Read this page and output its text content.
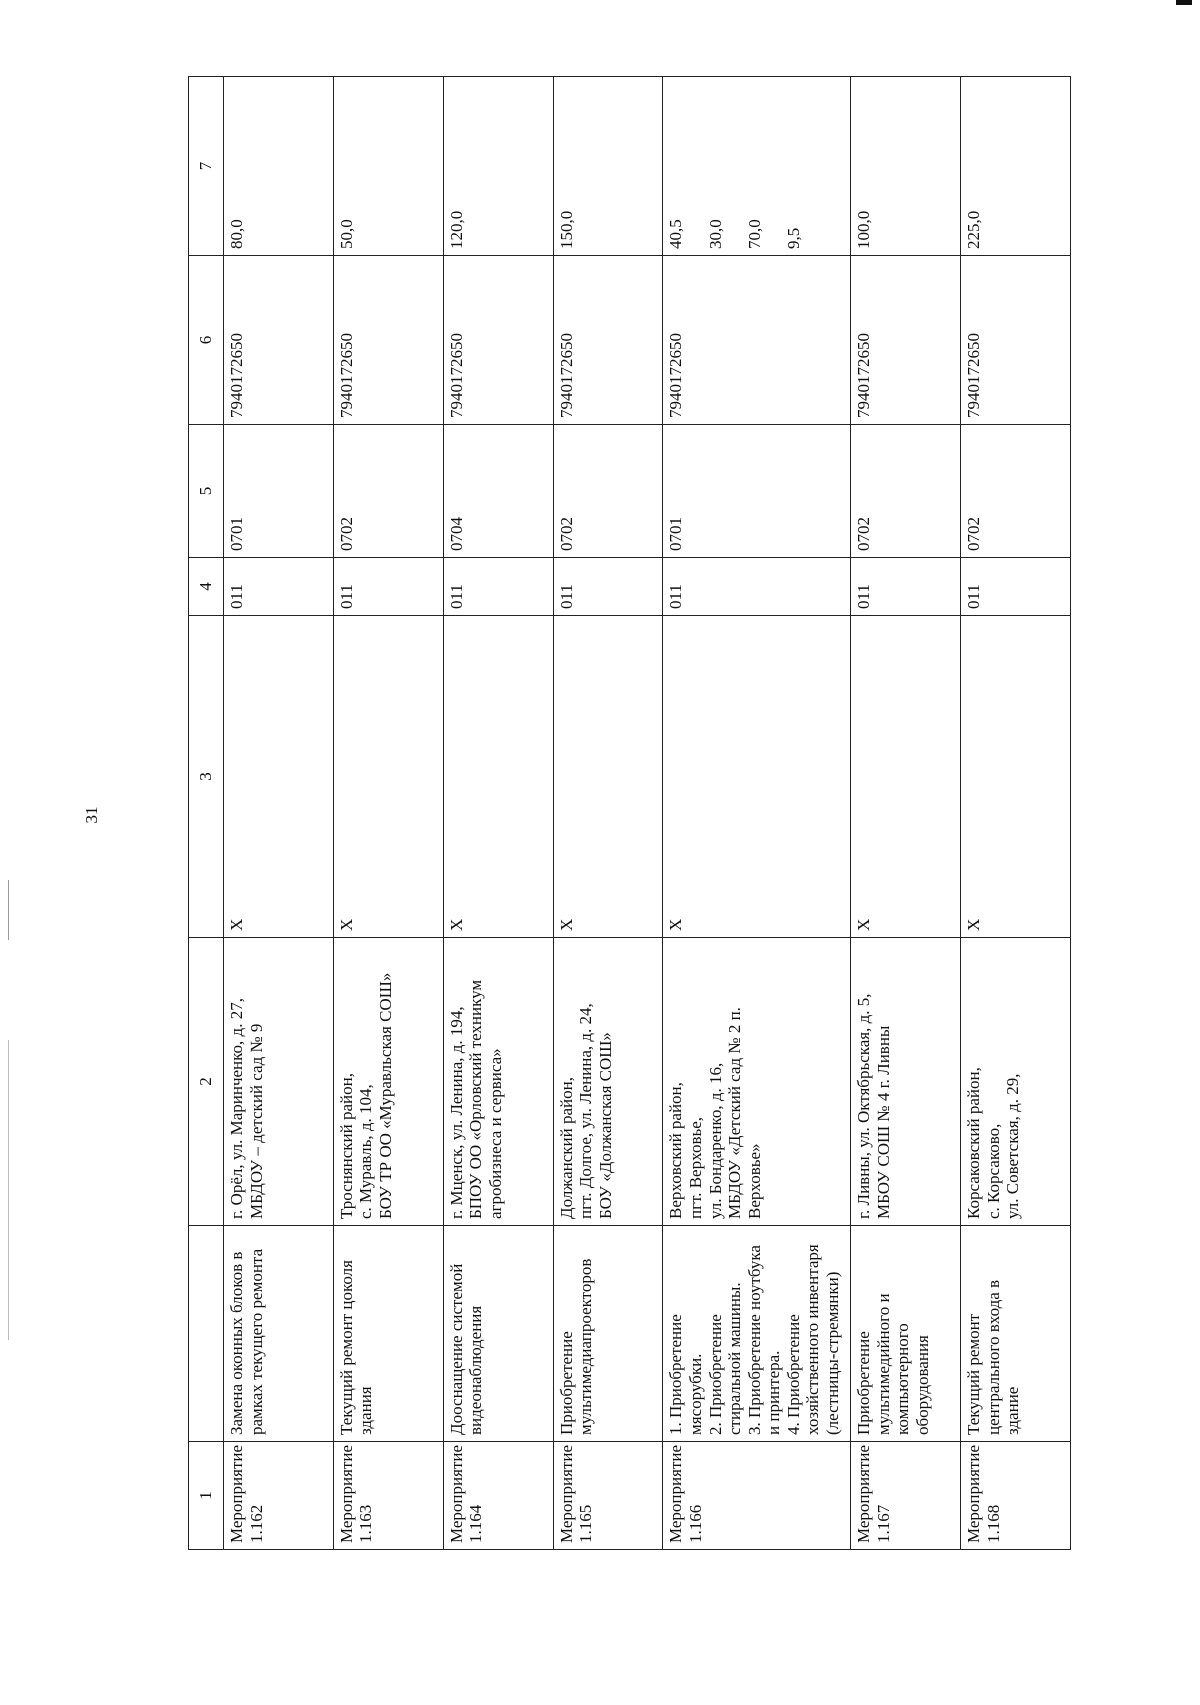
31
1		2	3	4	5	6	7
Мероприятие 1.162	Замена оконных блоков в рамках текущего ремонта	г. Орёл, ул. Маринченко, д. 27,
МБДОУ – детский сад № 9	Х	011	0701	7940172650	80,0
Мероприятие 1.163	Текущий ремонт цоколя здания	Троснянский район,
с. Муравль, д. 104,
БОУ ТР ОО «Муравльская СОШ»	Х	011	0702	7940172650	50,0
Мероприятие 1.164	Дооснащение системой видеонаблюдения	г. Мценск, ул. Ленина, д. 194,
БПОУ ОО «Орловский техникум агробизнеса и сервиса»	Х	011	0704	7940172650	120,0
Мероприятие 1.165	Приобретение мультимедиапроекторов	Должанский район,
пгт. Долгое, ул. Ленина, д. 24,
БОУ «Должанская СОШ»	Х	011	0702	7940172650	150,0
Мероприятие 1.166	1. Приобретение мясорубки.
2. Приобретение стиральной машины.
3. Приобретение ноутбука и принтера.
4. Приобретение хозяйственного инвентаря (лестницы-стремянки)	Верховский район,
пгт. Верховье,
ул. Бондаренко, д. 16,
МБДОУ «Детский сад № 2 п. Верховье»	Х	011	0701	7940172650	40,5

30,0

70,0

9,5
Мероприятие 1.167	Приобретение мультимедийного и компьютерного оборудования	г. Ливны, ул. Октябрьская, д. 5,
МБОУ СОШ № 4 г. Ливны	Х	011	0702	7940172650	100,0
Мероприятие 1.168	Текущий ремонт центрального входа в здание	Корсаковский район,
с. Корсаково,
ул. Советская, д. 29,	Х	011	0702	7940172650	225,0
